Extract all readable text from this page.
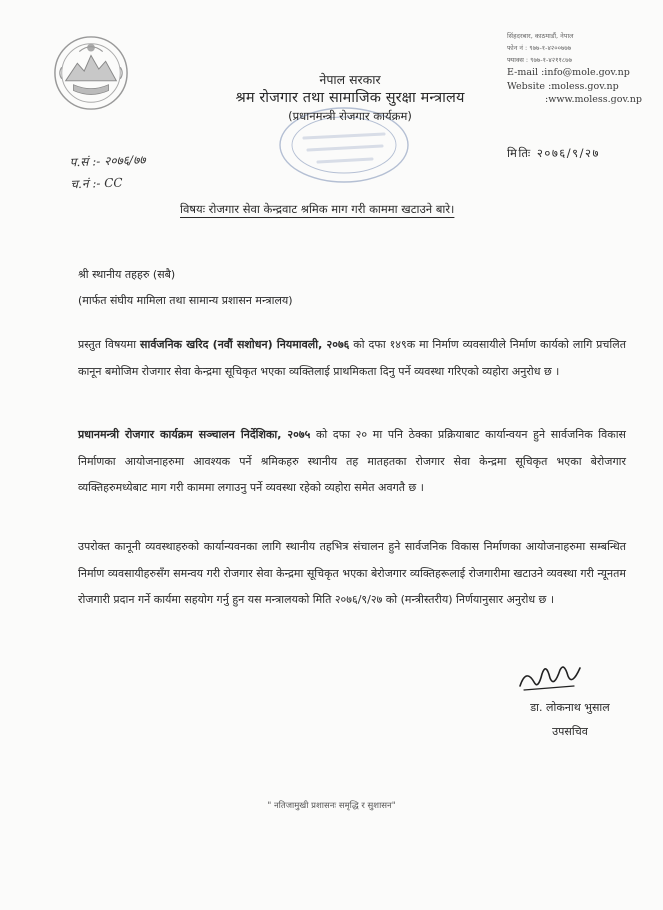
नेपाल सरकार
श्रम रोजगार तथा सामाजिक सुरक्षा मन्त्रालय
(प्रधानमन्त्री रोजगार कार्यक्रम)
सिंहदरबार, काठमाडौं, नेपाल
फोन नं : ९७७-१-४२००७७७
फ्याक्स : ९७७-१-४२११८७७
E-mail :info@mole.gov.np
Website :moless.gov.np
:www.moless.gov.np
प.सं :- २०७६/७७
च.नं :- CC
मितिः २०७६/९/२७
विषयः रोजगार सेवा केन्द्रवाट श्रमिक माग गरी काममा खटाउने बारे।
श्री स्थानीय तहहरु (सबै)
(मार्फत संघीय मामिला तथा सामान्य प्रशासन मन्त्रालय)
प्रस्तुत विषयमा सार्वजनिक खरिद (नवौं सशोधन) नियमावली, २०७६ को दफा १४९क मा निर्माण व्यवसायीले निर्माण कार्यको लागि प्रचलित कानून बमोजिम रोजगार सेवा केन्द्रमा सूचिकृत भएका व्यक्तिलाई प्राथमिकता दिनु पर्ने व्यवस्था गरिएको व्यहोरा अनुरोध छ ।
प्रधानमन्त्री रोजगार कार्यक्रम सञ्चालन निर्देशिका, २०७५ को दफा २० मा पनि ठेक्का प्रक्रियाबाट कार्यान्वयन हुने सार्वजनिक विकास निर्माणका आयोजनाहरुमा आवश्यक पर्ने श्रमिकहरु स्थानीय तह मातहतका रोजगार सेवा केन्द्रमा सूचिकृत भएका बेरोजगार व्यक्तिहरुमध्येबाट माग गरी काममा लगाउनु पर्ने व्यवस्था रहेको व्यहोरा समेत अवगतै छ ।
उपरोक्त कानूनी व्यवस्थाहरुको कार्यान्यवनका लागि स्थानीय तहभित्र संचालन हुने सार्वजनिक विकास निर्माणका आयोजनाहरुमा सम्बन्धित निर्माण व्यवसायीहरुसँग समन्वय गरी रोजगार सेवा केन्द्रमा सूचिकृत भएका बेरोजगार व्यक्तिहरूलाई रोजगारीमा खटाउने व्यवस्था गरी न्यूनतम रोजगारी प्रदान गर्ने कार्यमा सहयोग गर्नु हुन यस मन्त्रालयको मिति २०७६/९/२७ को (मन्त्रीस्तरीय) निर्णयानुसार अनुरोध छ ।
डा. लोकनाथ भुसाल
उपसचिव
" नतिजामुखी प्रशासनः समृद्धि र सुशासन"
